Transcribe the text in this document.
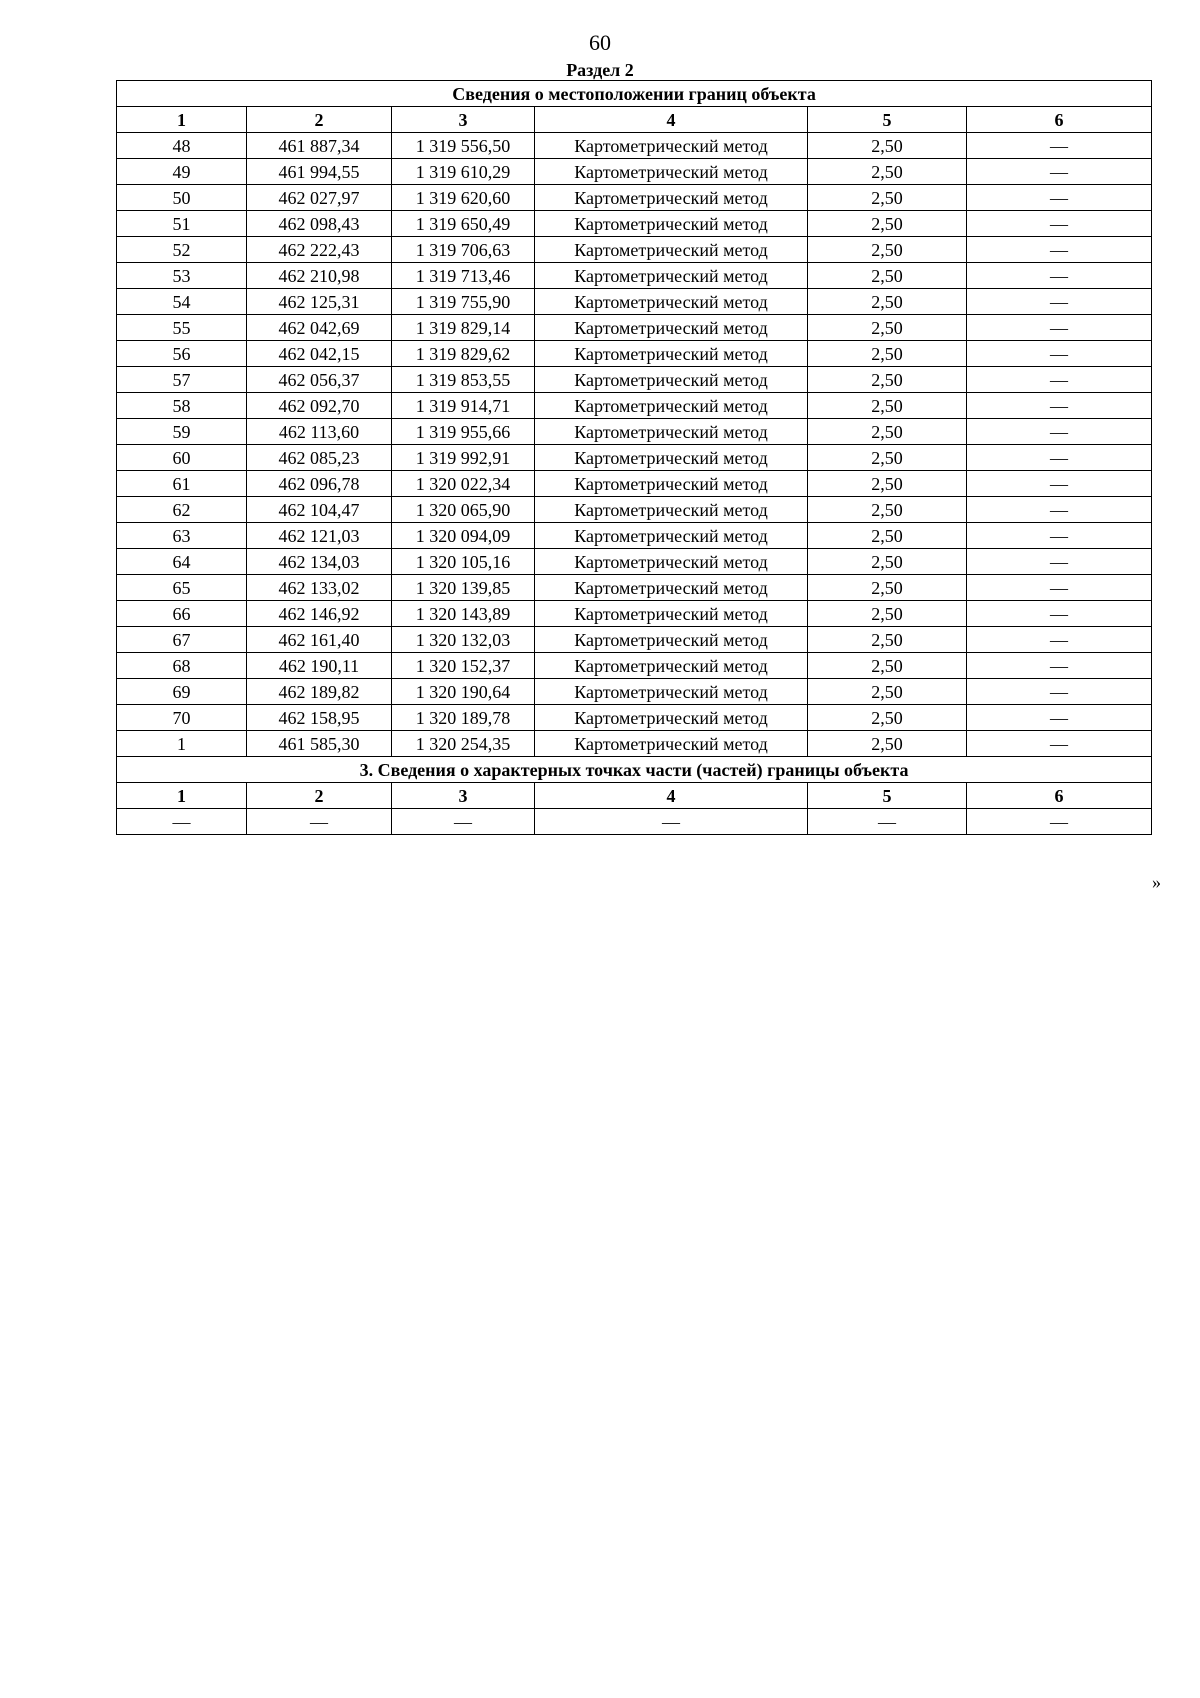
60
Раздел 2
Сведения о местоположении границ объекта					
1	2	3	4	5	6
48	461 887,34	1 319 556,50	Картометрический метод	2,50	—
49	461 994,55	1 319 610,29	Картометрический метод	2,50	—
50	462 027,97	1 319 620,60	Картометрический метод	2,50	—
51	462 098,43	1 319 650,49	Картометрический метод	2,50	—
52	462 222,43	1 319 706,63	Картометрический метод	2,50	—
53	462 210,98	1 319 713,46	Картометрический метод	2,50	—
54	462 125,31	1 319 755,90	Картометрический метод	2,50	—
55	462 042,69	1 319 829,14	Картометрический метод	2,50	—
56	462 042,15	1 319 829,62	Картометрический метод	2,50	—
57	462 056,37	1 319 853,55	Картометрический метод	2,50	—
58	462 092,70	1 319 914,71	Картометрический метод	2,50	—
59	462 113,60	1 319 955,66	Картометрический метод	2,50	—
60	462 085,23	1 319 992,91	Картометрический метод	2,50	—
61	462 096,78	1 320 022,34	Картометрический метод	2,50	—
62	462 104,47	1 320 065,90	Картометрический метод	2,50	—
63	462 121,03	1 320 094,09	Картометрический метод	2,50	—
64	462 134,03	1 320 105,16	Картометрический метод	2,50	—
65	462 133,02	1 320 139,85	Картометрический метод	2,50	—
66	462 146,92	1 320 143,89	Картометрический метод	2,50	—
67	462 161,40	1 320 132,03	Картометрический метод	2,50	—
68	462 190,11	1 320 152,37	Картометрический метод	2,50	—
69	462 189,82	1 320 190,64	Картометрический метод	2,50	—
70	462 158,95	1 320 189,78	Картометрический метод	2,50	—
1	461 585,30	1 320 254,35	Картометрический метод	2,50	—
3. Сведения о характерных точках части (частей) границы объекта					
1	2	3	4	5	6
—	—	—	—	—	—
»
